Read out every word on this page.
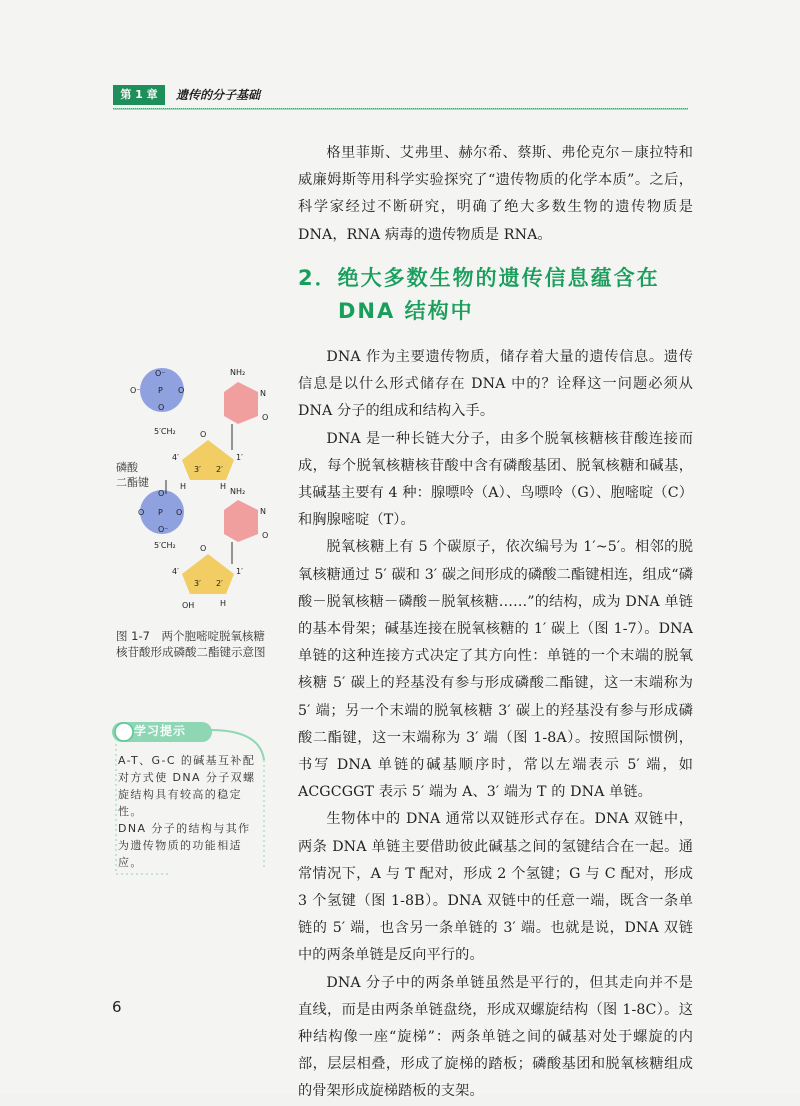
第 1 章	遗传的分子基础

格里菲斯、艾弗里、赫尔希、蔡斯、弗伦克尔－康拉特和威廉姆斯等用科学实验探究了“遗传物质的化学本质”。之后，科学家经过不断研究，明确了绝大多数生物的遗传物质是 DNA，RNA 病毒的遗传物质是 RNA。

2．绝大多数生物的遗传信息蕴含在
DNA 结构中

DNA 作为主要遗传物质，储存着大量的遗传信息。遗传信息是以什么形式储存在 DNA 中的？诠释这一问题必须从 DNA 分子的组成和结构入手。

DNA 是一种长链大分子，由多个脱氧核糖核苷酸连接而成，每个脱氧核糖核苷酸中含有磷酸基团、脱氧核糖和碱基，其碱基主要有 4 种：腺嘌呤（A）、鸟嘌呤（G）、胞嘧啶（C）和胸腺嘧啶（T）。

脱氧核糖上有 5 个碳原子，依次编号为 1′~5′。相邻的脱氧核糖通过 5′ 碳和 3′ 碳之间形成的磷酸二酯键相连，组成“磷酸－脱氧核糖－磷酸－脱氧核糖……”的结构，成为 DNA 单链的基本骨架；碱基连接在脱氧核糖的 1′ 碳上（图 1-7）。DNA 单链的这种连接方式决定了其方向性：单链的一个末端的脱氧核糖 5′ 碳上的羟基没有参与形成磷酸二酯键，这一末端称为 5′ 端；另一个末端的脱氧核糖 3′ 碳上的羟基没有参与形成磷酸二酯键，这一末端称为 3′ 端（图 1-8A）。按照国际惯例，书写 DNA 单链的碱基顺序时，常以左端表示 5′ 端，如 ACGCGGT 表示 5′ 端为 A、3′ 端为 T 的 DNA 单链。

生物体中的 DNA 通常以双链形式存在。DNA 双链中，两条 DNA 单链主要借助彼此碱基之间的氢键结合在一起。通常情况下，A 与 T 配对，形成 2 个氢键；G 与 C 配对，形成 3 个氢键（图 1-8B）。DNA 双链中的任意一端，既含一条单链的 5′ 端，也含另一条单链的 3′ 端。也就是说，DNA 双链中的两条单链是反向平行的。

DNA 分子中的两条单链虽然是平行的，但其走向并不是直线，而是由两条单链盘绕，形成双螺旋结构（图 1-8C）。这种结构像一座“旋梯”：两条单链之间的碱基对处于螺旋的内部，层层相叠，形成了旋梯的踏板；磷酸基团和脱氧核糖组成的骨架形成旋梯踏板的支架。

O⁻
O⁻ P O
O
5′CH₂	O
4′
3′ 2′
1′
H	H
NH₂
N
O
O
O P O
O⁻
5′CH₂	O
4′
3′ 2′
1′
OH	H
NH₂
N
O
磷酸
二酯键
图 1-7　两个胞嘧啶脱氧核糖核苷酸形成磷酸二酯键示意图
学习提示
A-T、G-C 的碱基互补配对方式使 DNA 分子双螺旋结构具有较高的稳定性。
DNA 分子的结构与其作为遗传物质的功能相适应。
6
